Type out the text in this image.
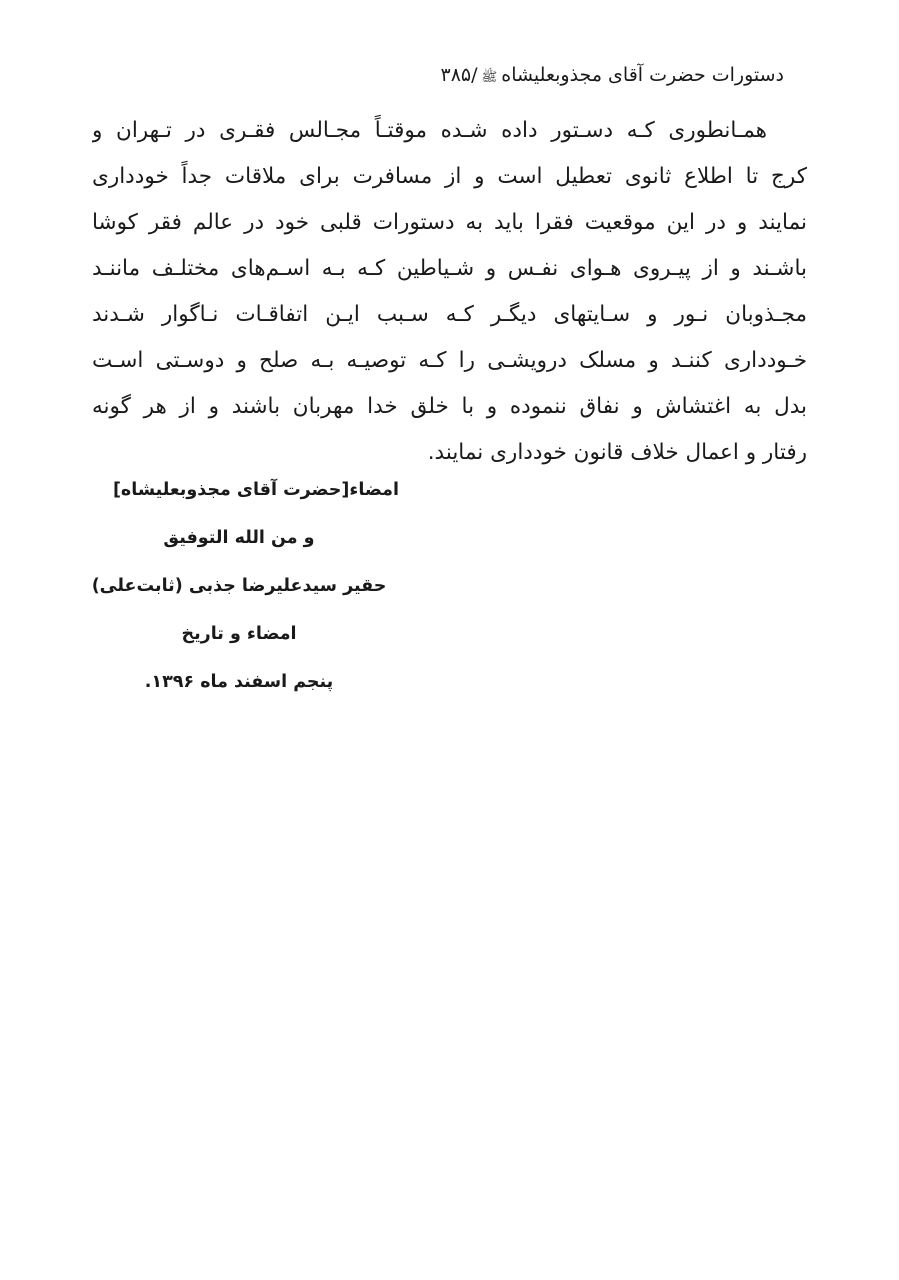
دستورات حضرت آقای مجذوبعلیشاهﷺ/۳۸۵
همـانطوری کـه دسـتور داده شـده موقتـاً مجـالس فقـری در تـهران و
کرج تا اطلاع ثانوی تعطیل است و از مسافرت برای ملاقات جداً خودداری
نمایند و در این موقعیت فقرا باید به دستورات قلبی خود در عالم فقر کوشا
باشـند و از پیـروی هـوای نفـس و شـیاطین کـه بـه اسـم‌های مختلـف ماننـد
مجـذوبان نـور و سـایتهای دیگـر کـه سـبب ایـن اتفاقـات نـاگوار شـدند
خـودداری کننـد و مسلک درویشـی را کـه توصیـه بـه صلح و دوسـتی اسـت
بدل به اغتشاش و نفاق ننموده و با خلق خدا مهربان باشند و از هر گونه
رفتار و اعمال خلاف قانون خودداری نمایند.
امضاء[حضرت آقای مجذوبعلیشاه]
و من الله التوفیق
حقیر سیدعلیرضا جذبی (ثابت‌علی)
امضاء و تاریخ
پنجم اسفند ماه ۱۳۹۶.
